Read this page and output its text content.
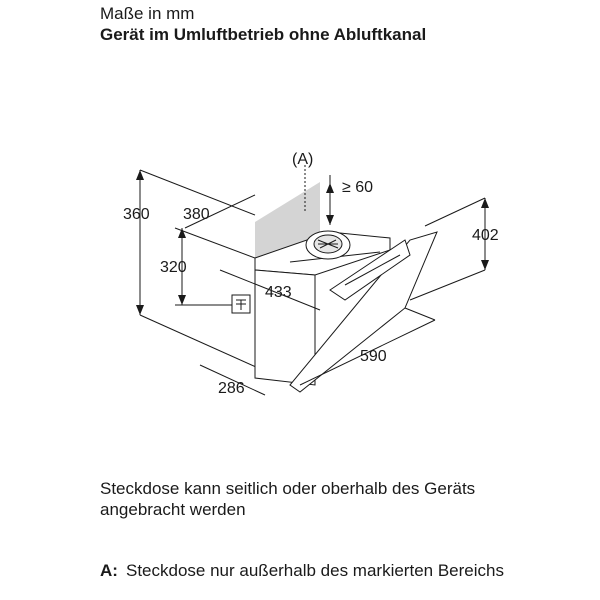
Maße in mm
Gerät im Umluftbetrieb ohne Abluftkanal
(A)
≥ 60
360 380
402
320
433
590
286
Steckdose kann seitlich oder oberhalb des Geräts angebracht werden
A: Steckdose nur außerhalb des markierten Bereichs
